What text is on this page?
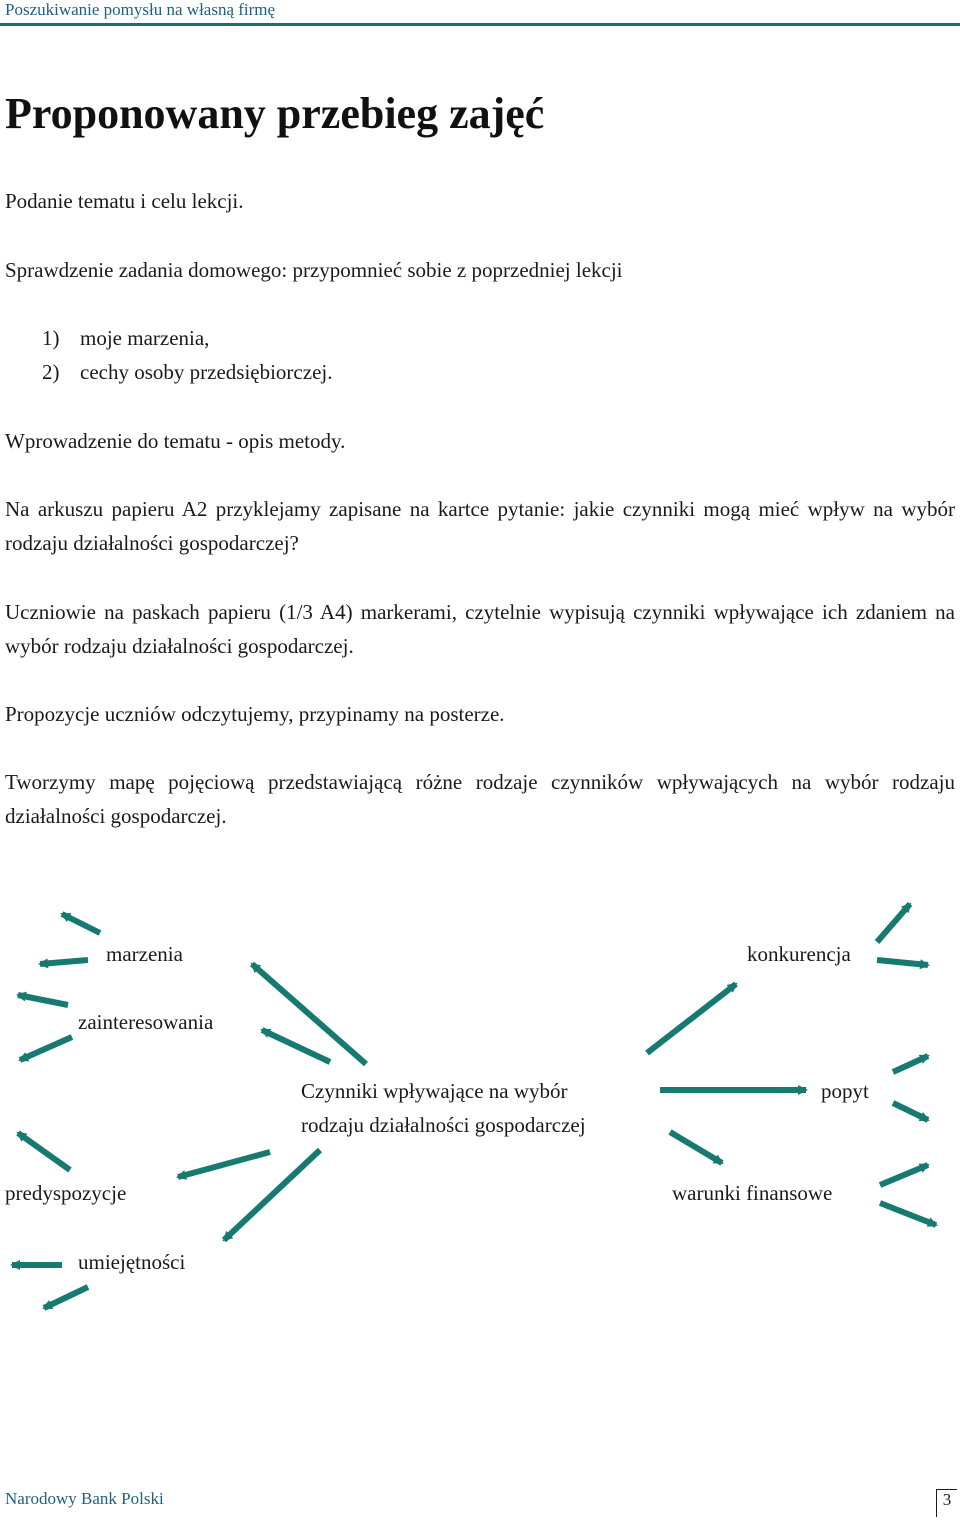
Poszukiwanie pomysłu na własną firmę
Proponowany przebieg zajęć

Podanie tematu i celu lekcji.

Sprawdzenie zadania domowego: przypomnieć sobie z poprzedniej lekcji

1) moje marzenia,
2) cechy osoby przedsiębiorczej.

Wprowadzenie do tematu - opis metody.

Na arkuszu papieru A2 przyklejamy zapisane na kartce pytanie: jakie czynniki mogą mieć wpływ na wybór rodzaju działalności gospodarczej?

Uczniowie na paskach papieru (1/3 A4) markerami, czytelnie wypisują czynniki wpływające ich zdaniem na wybór rodzaju działalności gospodarczej.

Propozycje uczniów odczytujemy, przypinamy na posterze.

Tworzymy mapę pojęciową przedstawiającą różne rodzaje czynników wpływających na wybór rodzaju działalności gospodarczej.

marzenia
zainteresowania
predyspozycje
umiejętności
Czynniki wpływające na wybór
rodzaju działalności gospodarczej
konkurencja
popyt
warunki finansowe
Narodowy Bank Polski	3
